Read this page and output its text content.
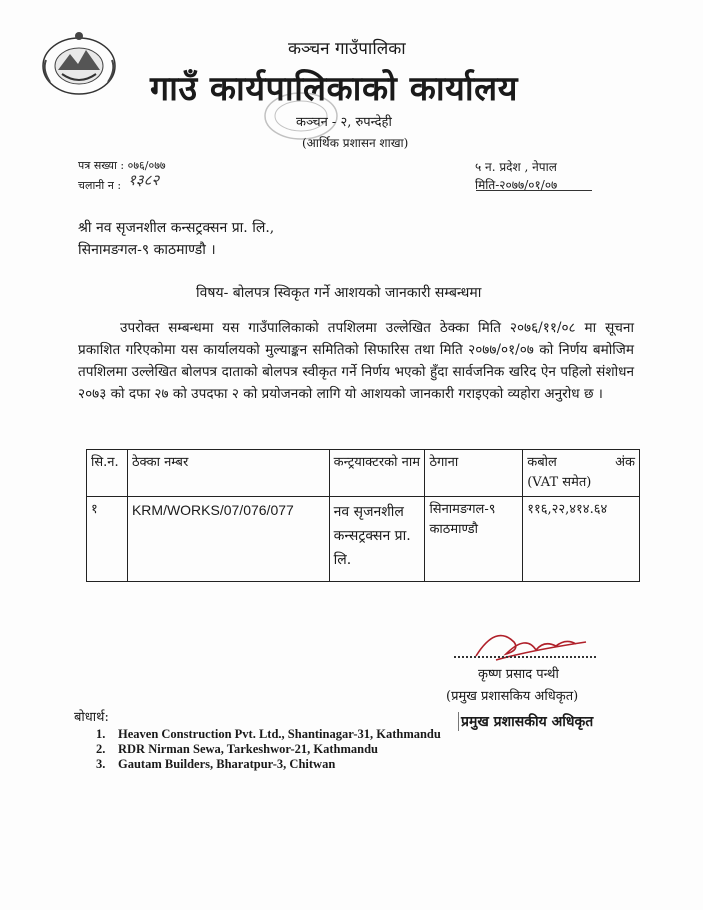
कञ्चन गाउँपालिका
गाउँ कार्यपालिकाको कार्यालय
कञ्चन - २, रुपन्देही
(आर्थिक प्रशासन शाखा)
पत्र सख्या : ०७६/०७७
चलानी न : १३८२
५ न. प्रदेश , नेपाल
मिति-२०७७/०१/०७
श्री नव सृजनशील कन्सट्रक्सन प्रा. लि.,
सिनामङगल-९ काठमाण्डौ ।
विषय- बोलपत्र स्विकृत गर्ने आशयको जानकारी सम्बन्धमा

उपरोक्त सम्बन्धमा यस गाउँपालिकाको तपशिलमा उल्लेखित ठेक्का मिति २०७६/११/०८ मा सूचना प्रकाशित गरिएकोमा यस कार्यालयको मुल्याङ्कन समितिको सिफारिस तथा मिति २०७७/०१/०७ को निर्णय बमोजिम तपशिलमा उल्लेखित बोलपत्र दाताको बोलपत्र स्वीकृत गर्ने निर्णय भएको हुँदा सार्वजनिक खरिद ऐन पहिलो संशोधन २०७३ को दफा २७ को उपदफा २ को प्रयोजनको लागि यो आशयको जानकारी गराइएको व्यहोरा अनुरोध छ ।

सि.न.	ठेक्का नम्बर	कन्ट्रयाक्टरको नाम	ठेगाना	कबोल अंक
(VAT समेत)

१	KRM/WORKS/07/076/077	नव सृजनशील कन्सट्रक्सन प्रा. लि.	सिनामङगल-९ काठमाण्डौ	११६,२२,४१४.६४
कृष्ण प्रसाद पन्थी
(प्रमुख प्रशासकिय अधिकृत)
प्रमुख प्रशासकीय अधिकृत
बोधार्थ:
1. Heaven Construction Pvt. Ltd., Shantinagar-31, Kathmandu
2. RDR Nirman Sewa, Tarkeshwor-21, Kathmandu
3. Gautam Builders, Bharatpur-3, Chitwan
